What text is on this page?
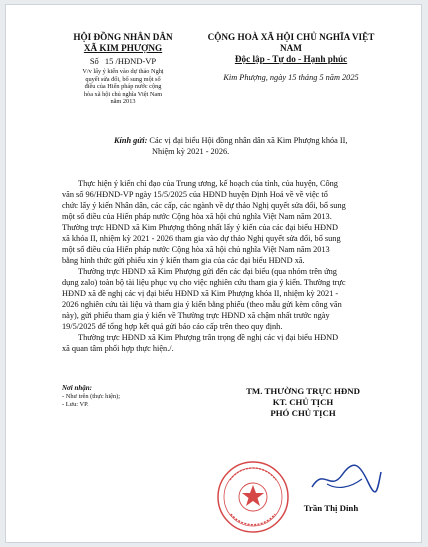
HỘI ĐỒNG NHÂN DÂN
XÃ KIM PHƯỢNG
Số 15 /HĐND-VP
V/v lấy ý kiến vào dự thảo Nghị
quyết sửa đổi, bổ sung một số
điều của Hiến pháp nước cộng
hòa xã hội chủ nghĩa Việt Nam
năm 2013
CỘNG HOÀ XÃ HỘI CHỦ NGHĨA VIỆT NAM
Độc lập - Tự do - Hạnh phúc
Kim Phượng, ngày 15 tháng 5 năm 2025
Kính gửi: Các vị đại biểu Hội đồng nhân dân xã Kim Phượng khóa II,
Nhiệm kỳ 2021 - 2026.
Thực hiện ý kiến chỉ đạo của Trung ương, kế hoạch của tỉnh, của huyện, Công
văn số 96/HĐND-VP ngày 15/5/2025 của HĐND huyện Định Hoá về về việc tổ
chức lấy ý kiến Nhân dân, các cấp, các ngành về dự thảo Nghị quyết sửa đổi, bổ sung
một số điều của Hiến pháp nước Cộng hòa xã hội chủ nghĩa Việt Nam năm 2013.
Thường trực HĐND xã Kim Phượng thông nhất lấy ý kiến của các đại biểu HĐND
xã khóa II, nhiệm kỳ 2021 - 2026 tham gia vào dự thảo Nghị quyết sửa đổi, bổ sung
một số điều của Hiến pháp nước Cộng hòa xã hội chủ nghĩa Việt Nam năm 2013
bằng hình thức gửi phiếu xin ý kiến tham gia của các đại biểu HĐND xã.
Thường trực HĐND xã Kim Phượng gửi đến các đại biểu (qua nhóm trên ứng
dụng zalo) toàn bộ tài liệu phục vụ cho việc nghiên cứu tham gia ý kiến. Thường trực
HĐND xã đề nghị các vị đại biểu HĐND xã Kim Phượng khóa II, nhiệm kỳ 2021 -
2026 nghiên cứu tài liệu và tham gia ý kiến bằng phiếu (theo mẫu gửi kèm công văn
này), gửi phiếu tham gia ý kiến về Thường trực HĐND xã chậm nhất trước ngày
19/5/2025 để tổng hợp kết quả gửi báo cáo cấp trên theo quy định.
Thường trực HĐND xã Kim Phượng trân trọng đề nghị các vị đại biểu HĐND
xã quan tâm phối hợp thực hiện./.
Nơi nhận:
- Như trên (thực hiện);
- Lưu: VP.
TM. THƯỜNG TRỰC HĐND
KT. CHỦ TỊCH
PHÓ CHỦ TỊCH
Trần Thị Dinh
